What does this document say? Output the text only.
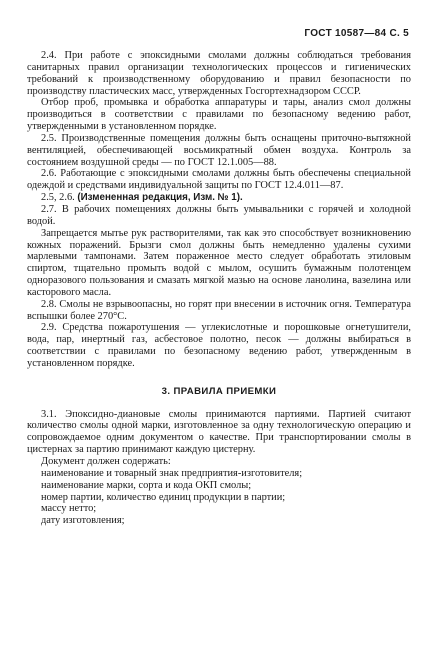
ГОСТ 10587—84 С. 5

2.4. При работе с эпоксидными смолами должны соблюдаться требования санитарных правил организации технологических процессов и гигиенических требований к производственному оборудованию и правил безопасности по производству пластических масс, утвержденных Госгортехнадзором СССР.

Отбор проб, промывка и обработка аппаратуры и тары, анализ смол должны производиться в соответствии с правилами по безопасному ведению работ, утвержденными в установленном порядке.

2.5. Производственные помещения должны быть оснащены приточно-вытяжной вентиляцией, обеспечивающей восьмикратный обмен воздуха. Контроль за состоянием воздушной среды — по ГОСТ 12.1.005—88.

2.6. Работающие с эпоксидными смолами должны быть обеспечены специальной одеждой и средствами индивидуальной защиты по ГОСТ 12.4.011—87.

2.5, 2.6. (Измененная редакция, Изм. № 1).

2.7. В рабочих помещениях должны быть умывальники с горячей и холодной водой.

Запрещается мытье рук растворителями, так как это способствует возникновению кожных поражений. Брызги смол должны быть немедленно удалены сухими марлевыми тампонами. Затем пораженное место следует обработать этиловым спиртом, тщательно промыть водой с мылом, осушить бумажным полотенцем одноразового пользования и смазать мягкой мазью на основе ланолина, вазелина или касторового масла.

2.8. Смолы не взрывоопасны, но горят при внесении в источник огня. Температура вспышки более 270°С.

2.9. Средства пожаротушения — углекислотные и порошковые огнетушители, вода, пар, инертный газ, асбестовое полотно, песок — должны выбираться в соответствии с правилами по безопасному ведению работ, утвержденным в установленном порядке.

3. ПРАВИЛА ПРИЕМКИ

3.1. Эпоксидно-диановые смолы принимаются партиями. Партией считают количество смолы одной марки, изготовленное за одну технологическую операцию и сопровождаемое одним документом о качестве. При транспортировании смолы в цистернах за партию принимают каждую цистерну.

Документ должен содержать:

наименование и товарный знак предприятия-изготовителя;

наименование марки, сорта и кода ОКП смолы;

номер партии, количество единиц продукции в партии;

массу нетто;

дату изготовления;
